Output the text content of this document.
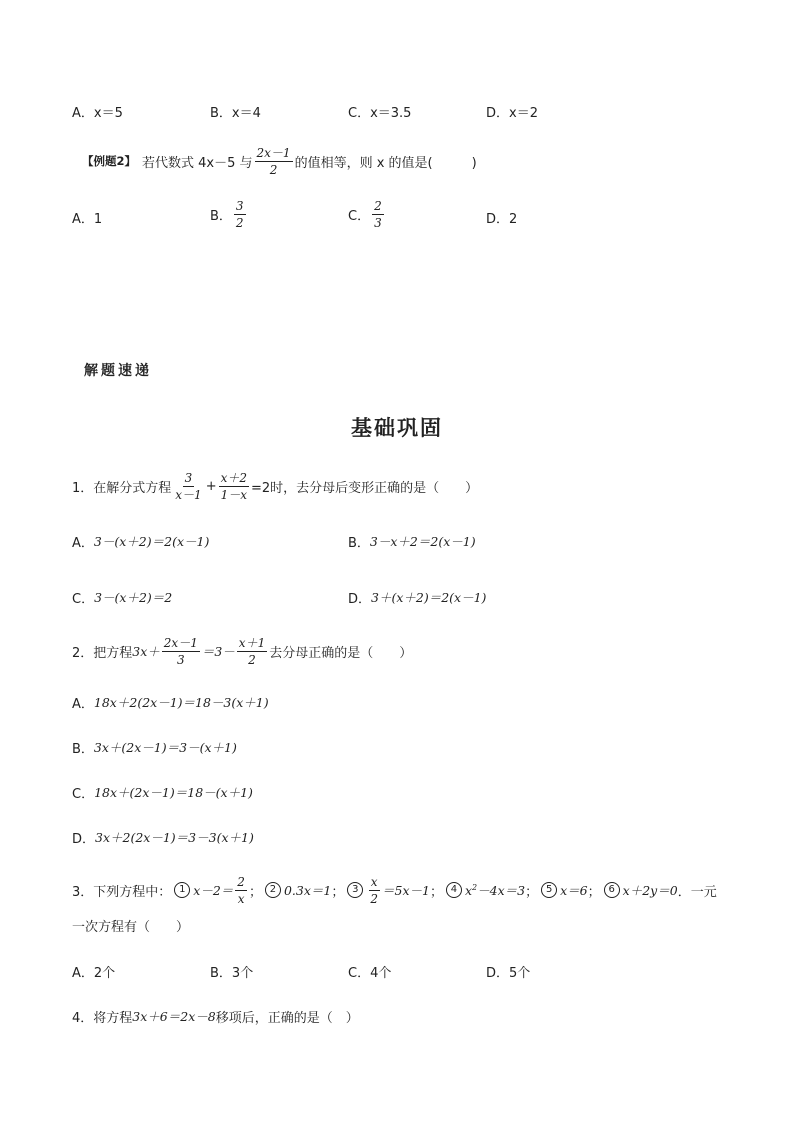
A．x＝5	B．x＝4	C．x＝3.5	D．x＝2
【例题2】 若代数式 4x－5 与 $\frac{2x-1}{2}$ 的值相等，则 x 的值是(　　　)
A．1	B． $\frac{3}{2}$	C． $\frac{2}{3}$	D．2
解题速递
基础巩固
1．在解分式方程 $\frac{3}{x-1} + \frac{x+2}{1-x} =2$时，去分母后变形正确的是（　　）
A． 3－(x＋2)＝2(x－1)	B． 3－x＋2＝2(x－1)
C． 3－(x＋2)＝2	D． 3＋(x＋2)＝2(x－1)
2．把方程 $3x+ \frac{2x-1}{3} =3- \frac{x+1}{2}$ 去分母正确的是（　　）
A． 18x＋2(2x－1)＝18－3(x＋1)
B． 3x＋(2x－1)＝3－(x＋1)
C． 18x＋(2x－1)＝18－(x＋1)
D． 3x＋2(2x－1)＝3－3(x＋1)
3．下列方程中： 1 $x-2= \frac{2}{x}$ ； 2 0.3x＝1 ； $3 \frac{x}{2} =5x-1$ ； 4 $x^2-4x=3$ ； 5 x＝6 ； 6 x＋2y＝0 ．一元
一次方程有（　　）
A．2个	B．3个	C．4个	D．5个
4．将方程 3x＋6＝2x－8 移项后，正确的是（　）
